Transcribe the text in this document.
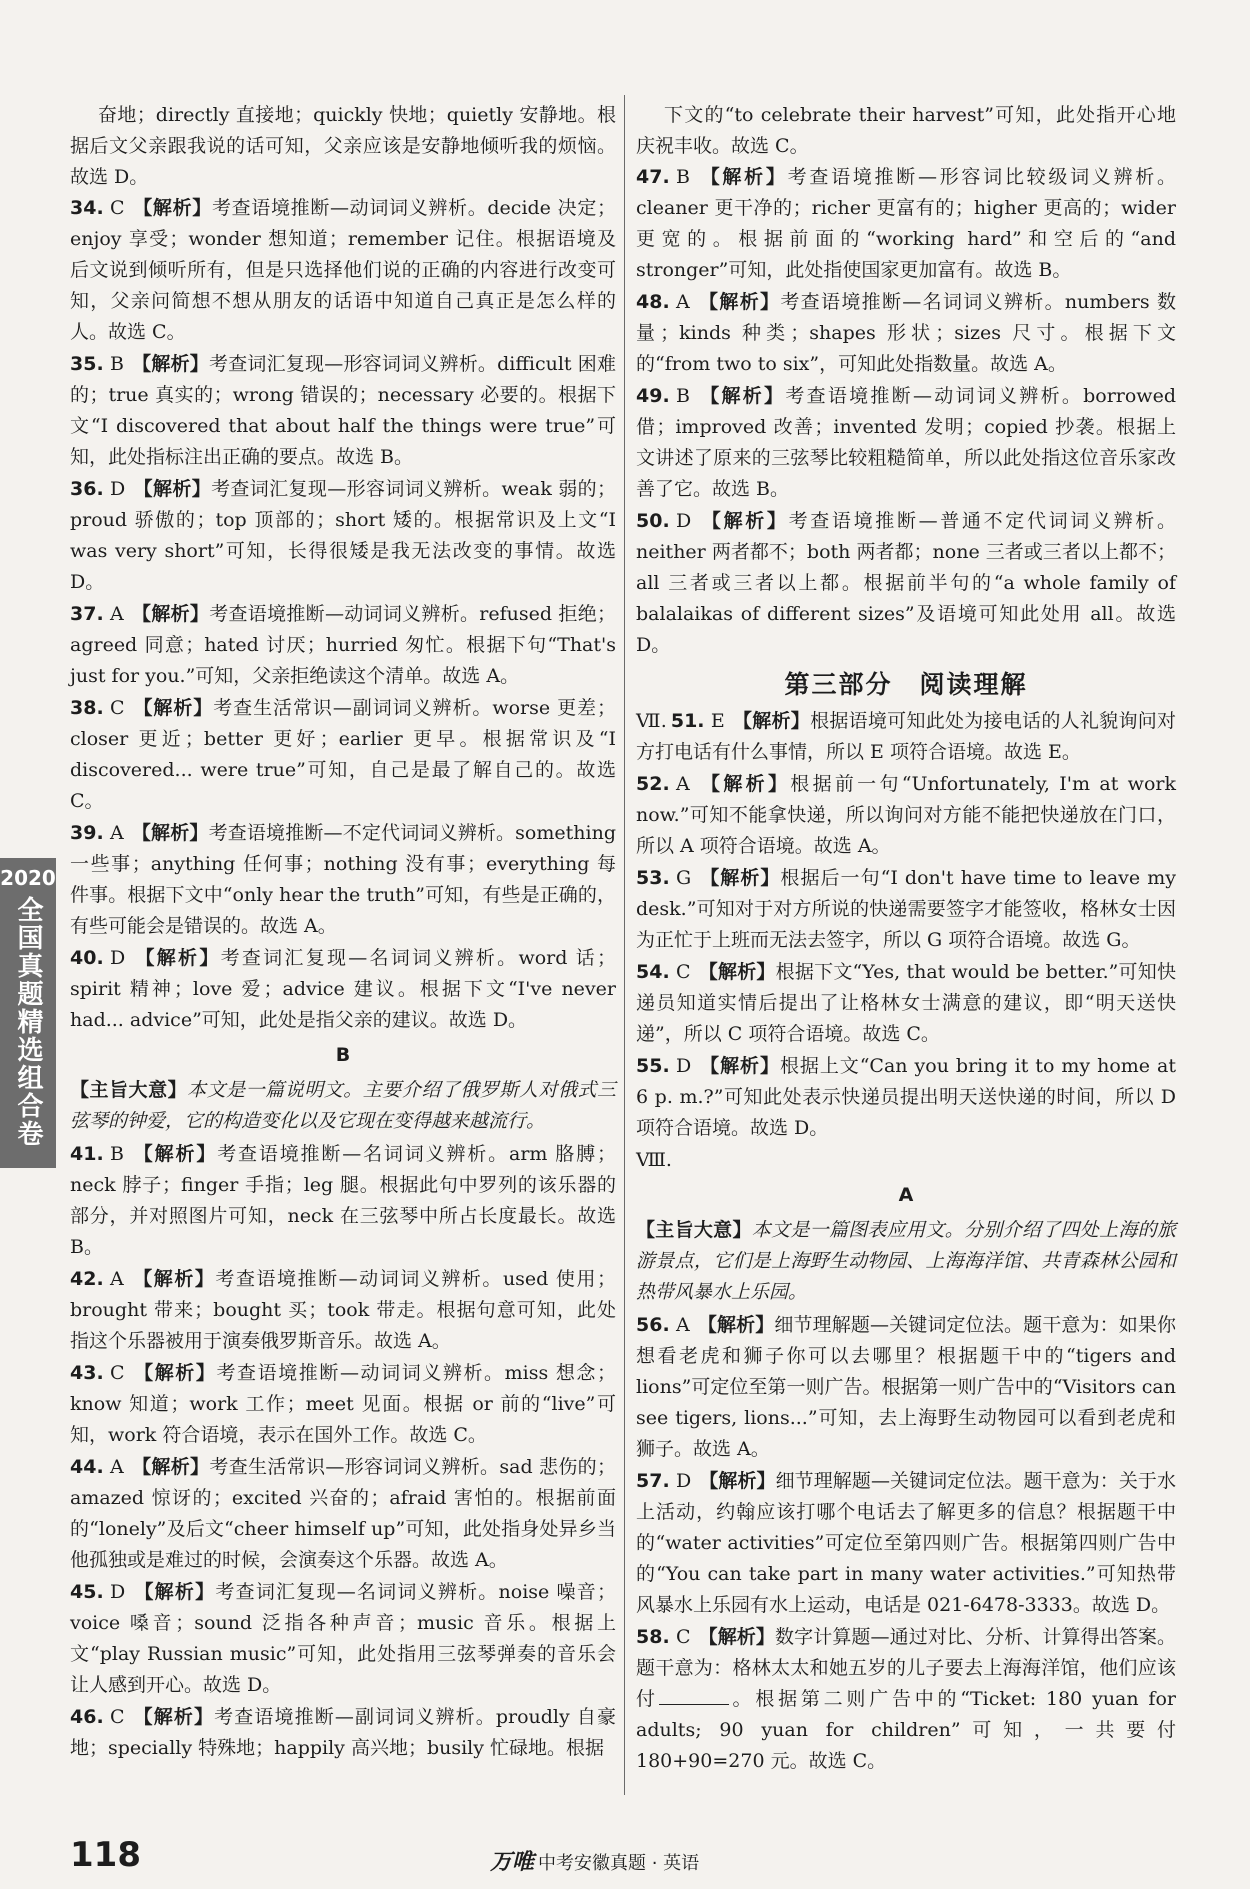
奋地；directly 直接地；quickly 快地；quietly 安静地。根据后文父亲跟我说的话可知，父亲应该是安静地倾听我的烦恼。故选 D。

34. C 【解析】考查语境推断—动词词义辨析。decide 决定；enjoy 享受；wonder 想知道；remember 记住。根据语境及后文说到倾听所有，但是只选择他们说的正确的内容进行改变可知，父亲问简想不想从朋友的话语中知道自己真正是怎么样的人。故选 C。
35. B 【解析】考查词汇复现—形容词词义辨析。difficult 困难的；true 真实的；wrong 错误的；necessary 必要的。根据下文“I discovered that about half the things were true”可知，此处指标注出正确的要点。故选 B。
36. D 【解析】考查词汇复现—形容词词义辨析。weak 弱的；proud 骄傲的；top 顶部的；short 矮的。根据常识及上文“I was very short”可知，长得很矮是我无法改变的事情。故选 D。
37. A 【解析】考查语境推断—动词词义辨析。refused 拒绝；agreed 同意；hated 讨厌；hurried 匆忙。根据下句“That's just for you.”可知，父亲拒绝读这个清单。故选 A。
38. C 【解析】考查生活常识—副词词义辨析。worse 更差；closer 更近；better 更好；earlier 更早。根据常识及“I discovered... were true”可知，自己是最了解自己的。故选 C。
39. A 【解析】考查语境推断—不定代词词义辨析。something 一些事；anything 任何事；nothing 没有事；everything 每件事。根据下文中“only hear the truth”可知，有些是正确的，有些可能会是错误的。故选 A。
40. D 【解析】考查词汇复现—名词词义辨析。word 话；spirit 精神；love 爱；advice 建议。根据下文“I've never had... advice”可知，此处是指父亲的建议。故选 D。
B
【主旨大意】本文是一篇说明文。主要介绍了俄罗斯人对俄式三弦琴的钟爱，它的构造变化以及它现在变得越来越流行。
41. B 【解析】考查语境推断—名词词义辨析。arm 胳膊；neck 脖子；finger 手指；leg 腿。根据此句中罗列的该乐器的部分，并对照图片可知，neck 在三弦琴中所占长度最长。故选 B。
42. A 【解析】考查语境推断—动词词义辨析。used 使用；brought 带来；bought 买；took 带走。根据句意可知，此处指这个乐器被用于演奏俄罗斯音乐。故选 A。
43. C 【解析】考查语境推断—动词词义辨析。miss 想念；know 知道；work 工作；meet 见面。根据 or 前的“live”可知，work 符合语境，表示在国外工作。故选 C。
44. A 【解析】考查生活常识—形容词词义辨析。sad 悲伤的；amazed 惊讶的；excited 兴奋的；afraid 害怕的。根据前面的“lonely”及后文“cheer himself up”可知，此处指身处异乡当他孤独或是难过的时候，会演奏这个乐器。故选 A。
45. D 【解析】考查词汇复现—名词词义辨析。noise 噪音；voice 嗓音；sound 泛指各种声音；music 音乐。根据上文“play Russian music”可知，此处指用三弦琴弹奏的音乐会让人感到开心。故选 D。
46. C 【解析】考查语境推断—副词词义辨析。proudly 自豪地；specially 特殊地；happily 高兴地；busily 忙碌地。根据

下文的“to celebrate their harvest”可知，此处指开心地庆祝丰收。故选 C。

47. B 【解析】考查语境推断—形容词比较级词义辨析。cleaner 更干净的；richer 更富有的；higher 更高的；wider 更宽的。根据前面的“working hard”和空后的“and stronger”可知，此处指使国家更加富有。故选 B。
48. A 【解析】考查语境推断—名词词义辨析。numbers 数量；kinds 种类；shapes 形状；sizes 尺寸。根据下文的“from two to six”，可知此处指数量。故选 A。
49. B 【解析】考查语境推断—动词词义辨析。borrowed 借；improved 改善；invented 发明；copied 抄袭。根据上文讲述了原来的三弦琴比较粗糙简单，所以此处指这位音乐家改善了它。故选 B。
50. D 【解析】考查语境推断—普通不定代词词义辨析。neither 两者都不；both 两者都；none 三者或三者以上都不；all 三者或三者以上都。根据前半句的“a whole family of balalaikas of different sizes”及语境可知此处用 all。故选 D。
第三部分　阅读理解
Ⅶ. 51. E 【解析】根据语境可知此处为接电话的人礼貌询问对方打电话有什么事情，所以 E 项符合语境。故选 E。
52. A 【解析】根据前一句“Unfortunately, I'm at work now.”可知不能拿快递，所以询问对方能不能把快递放在门口，所以 A 项符合语境。故选 A。
53. G 【解析】根据后一句“I don't have time to leave my desk.”可知对于对方所说的快递需要签字才能签收，格林女士因为正忙于上班而无法去签字，所以 G 项符合语境。故选 G。
54. C 【解析】根据下文“Yes, that would be better.”可知快递员知道实情后提出了让格林女士满意的建议，即“明天送快递”，所以 C 项符合语境。故选 C。
55. D 【解析】根据上文“Can you bring it to my home at 6 p. m.?”可知此处表示快递员提出明天送快递的时间，所以 D 项符合语境。故选 D。
Ⅷ.
A
【主旨大意】本文是一篇图表应用文。分别介绍了四处上海的旅游景点，它们是上海野生动物园、上海海洋馆、共青森林公园和热带风暴水上乐园。
56. A 【解析】细节理解题—关键词定位法。题干意为：如果你想看老虎和狮子你可以去哪里？根据题干中的“tigers and lions”可定位至第一则广告。根据第一则广告中的“Visitors can see tigers, lions...”可知，去上海野生动物园可以看到老虎和狮子。故选 A。
57. D 【解析】细节理解题—关键词定位法。题干意为：关于水上活动，约翰应该打哪个电话去了解更多的信息？根据题干中的“water activities”可定位至第四则广告。根据第四则广告中的“You can take part in many water activities.”可知热带风暴水上乐园有水上运动，电话是 021-6478-3333。故选 D。
58. C 【解析】数字计算题—通过对比、分析、计算得出答案。题干意为：格林太太和她五岁的儿子要去上海海洋馆，他们应该付	。根据第二则广告中的“Ticket: 180 yuan for adults; 90 yuan for children”可知，一共要付 180+90=270 元。故选 C。
2020
全国真题精选组合卷
118	万唯 中考安徽真题 · 英语
